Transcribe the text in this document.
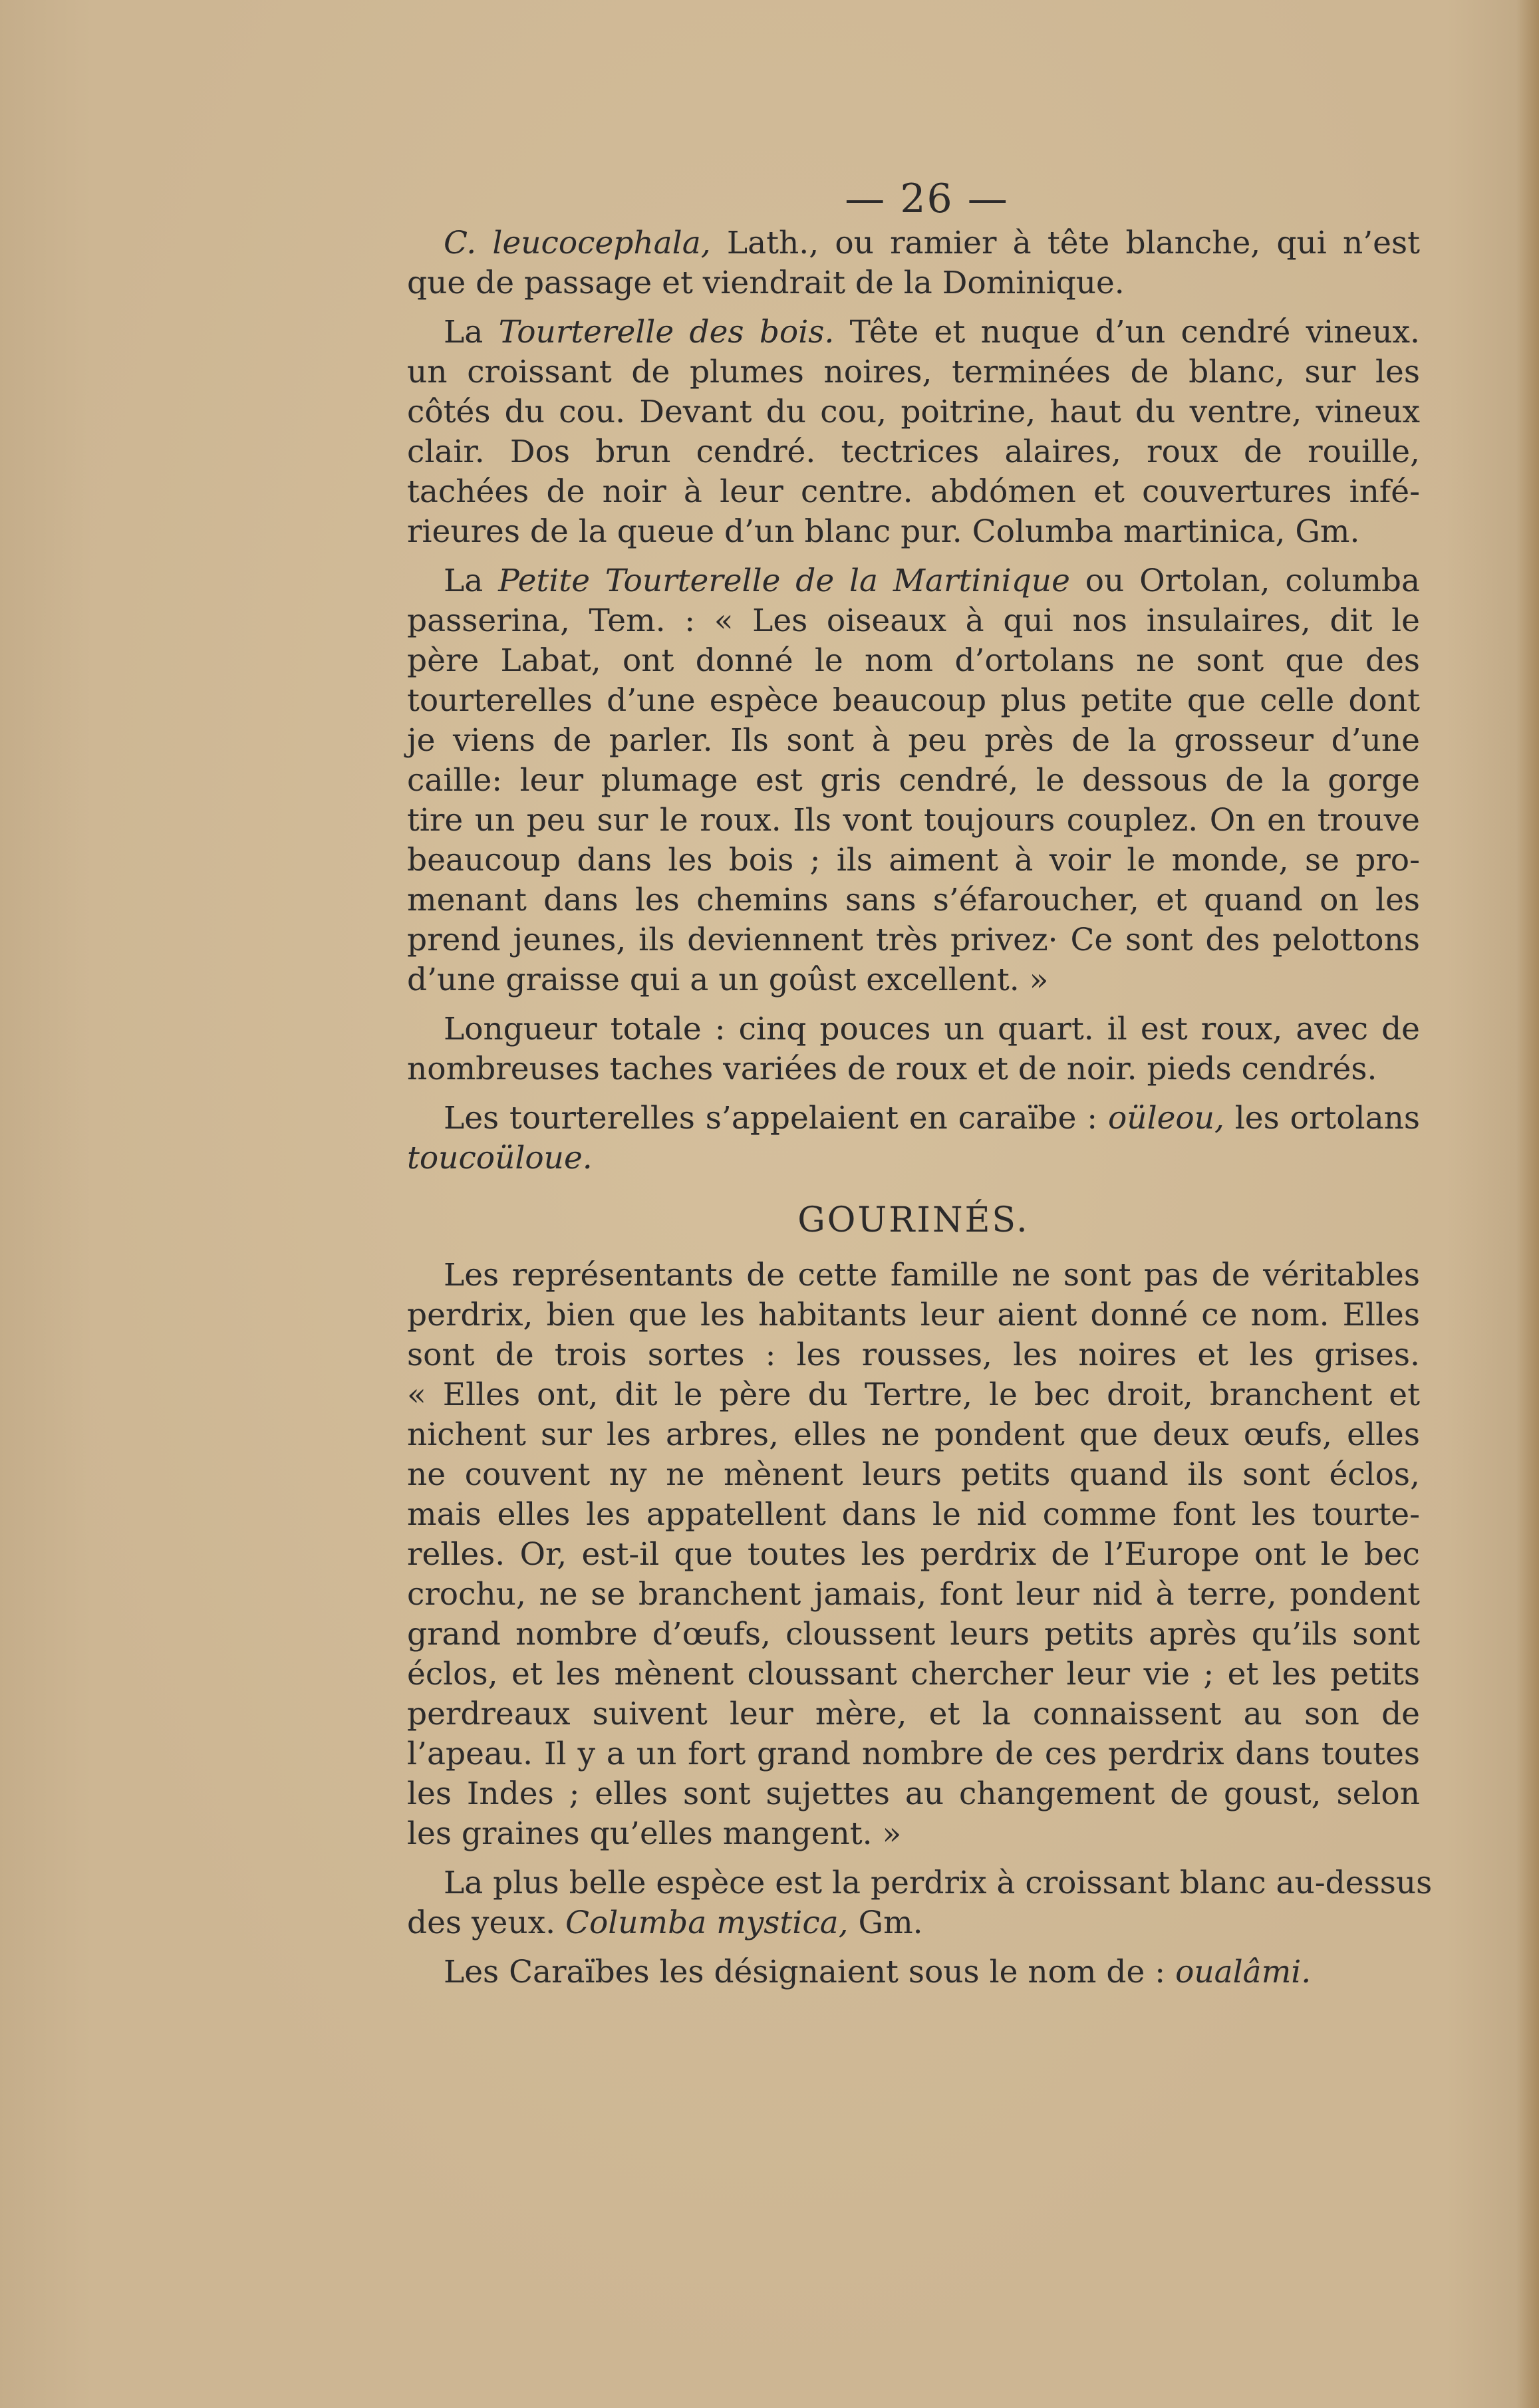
— 26 —

C. leucocephala, Lath., ou ramier à tête blanche, qui n’est
que de passage et viendrait de la Dominique.

La Tourterelle des bois. Tête et nuque d’un cendré vineux.
un croissant de plumes noires, terminées de blanc, sur les
côtés du cou. Devant du cou, poitrine, haut du ventre, vineux
clair. Dos brun cendré. tectrices alaires, roux de rouille,
tachées de noir à leur centre. abdómen et couvertures infé-
rieures de la queue d’un blanc pur. Columba martinica, Gm.

La Petite Tourterelle de la Martinique ou Ortolan, columba
passerina, Tem. : « Les oiseaux à qui nos insulaires, dit le
père Labat, ont donné le nom d’ortolans ne sont que des
tourterelles d’une espèce beaucoup plus petite que celle dont
je viens de parler. Ils sont à peu près de la grosseur d’une
caille: leur plumage est gris cendré, le dessous de la gorge
tire un peu sur le roux. Ils vont toujours couplez. On en trouve
beaucoup dans les bois ; ils aiment à voir le monde, se pro-
menant dans les chemins sans s’éfaroucher, et quand on les
prend jeunes, ils deviennent très privez· Ce sont des pelottons
d’une graisse qui a un goûst excellent. »

Longueur totale : cinq pouces un quart. il est roux, avec de
nombreuses taches variées de roux et de noir. pieds cendrés.

Les tourterelles s’appelaient en caraïbe : oüleou, les ortolans
toucoüloue.

GOURINÉS.

Les représentants de cette famille ne sont pas de véritables
perdrix, bien que les habitants leur aient donné ce nom. Elles
sont de trois sortes : les rousses, les noires et les grises.
« Elles ont, dit le père du Tertre, le bec droit, branchent et
nichent sur les arbres, elles ne pondent que deux œufs, elles
ne couvent ny ne mènent leurs petits quand ils sont éclos,
mais elles les appatellent dans le nid comme font les tourte-
relles. Or, est-il que toutes les perdrix de l’Europe ont le bec
crochu, ne se branchent jamais, font leur nid à terre, pondent
grand nombre d’œufs, cloussent leurs petits après qu’ils sont
éclos, et les mènent cloussant chercher leur vie ; et les petits
perdreaux suivent leur mère, et la connaissent au son de
l’apeau. Il y a un fort grand nombre de ces perdrix dans toutes
les Indes ; elles sont sujettes au changement de goust, selon
les graines qu’elles mangent. »

La plus belle espèce est la perdrix à croissant blanc au-dessus
des yeux. Columba mystica, Gm.

Les Caraïbes les désignaient sous le nom de : oualâmi.
